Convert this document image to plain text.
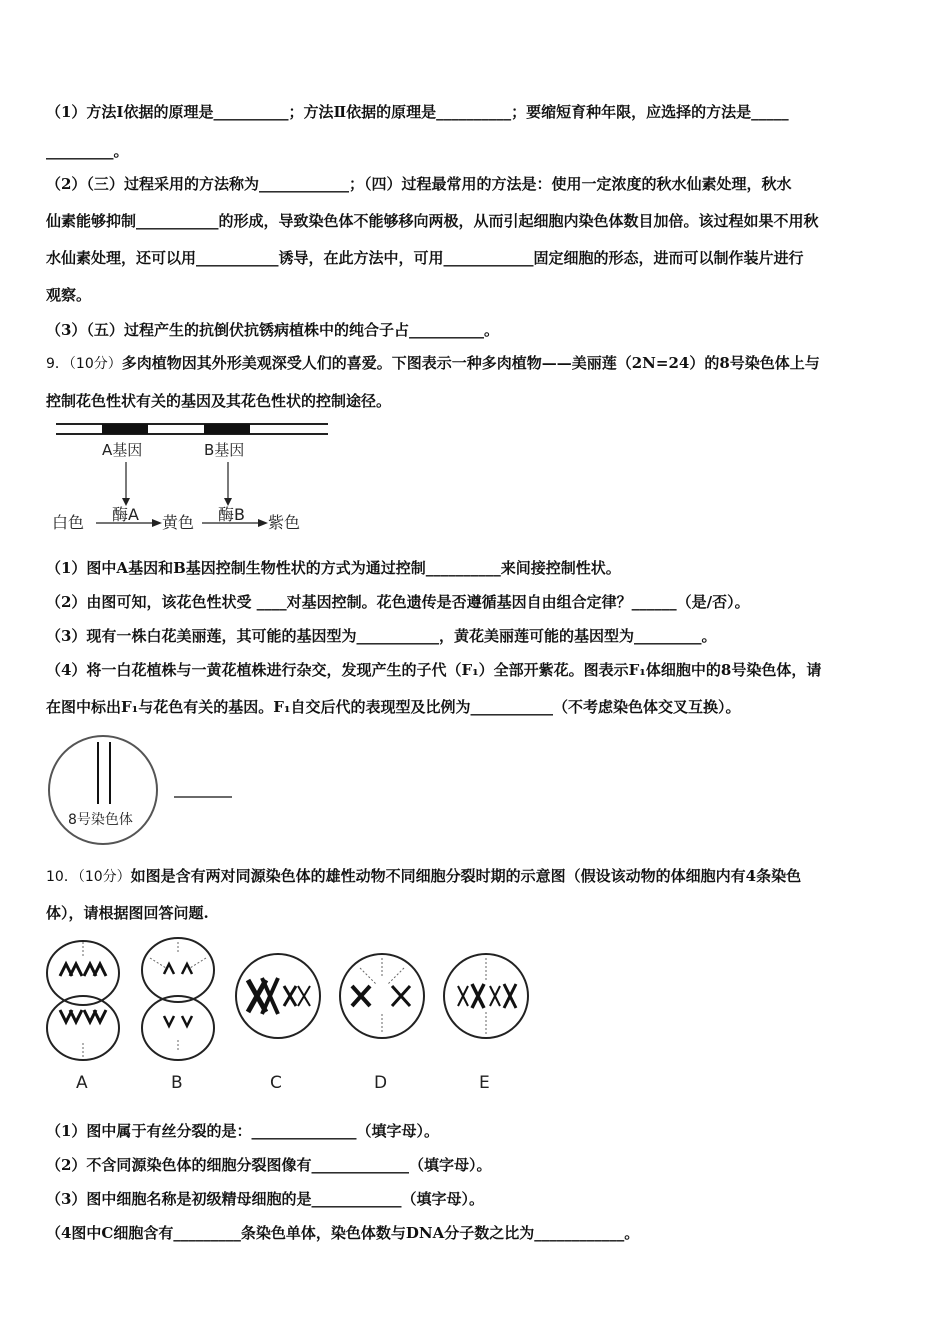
（1）方法Ⅰ依据的原理是__________；方法Ⅱ依据的原理是__________；要缩短育种年限，应选择的方法是_____
_________。
（2）（三）过程采用的方法称为____________；（四）过程最常用的方法是：使用一定浓度的秋水仙素处理，秋水
仙素能够抑制___________的形成，导致染色体不能够移向两极，从而引起细胞内染色体数目加倍。该过程如果不用秋
水仙素处理，还可以用___________诱导，在此方法中，可用____________固定细胞的形态，进而可以制作装片进行
观察。
（3）（五）过程产生的抗倒伏抗锈病植株中的纯合子占__________。
9．（10分）多肉植物因其外形美观深受人们的喜爱。下图表示一种多肉植物——美丽莲（2N=24）的8号染色体上与
控制花色性状有关的基因及其花色性状的控制途径。
A基因	B基因
白色 酶A 黄色 酶B 紫色
（1）图中A基因和B基因控制生物性状的方式为通过控制__________来间接控制性状。
（2）由图可知，该花色性状受 ____对基因控制。花色遗传是否遵循基因自由组合定律？______（是/否）。
（3）现有一株白花美丽莲，其可能的基因型为___________，黄花美丽莲可能的基因型为_________。
（4）将一白花植株与一黄花植株进行杂交，发现产生的子代（F₁）全部开紫花。图表示F₁体细胞中的8号染色体，请
在图中标出F₁与花色有关的基因。F₁自交后代的表现型及比例为___________（不考虑染色体交叉互换）。
8号染色体
10．（10分）如图是含有两对同源染色体的雄性动物不同细胞分裂时期的示意图（假设该动物的体细胞内有4条染色
体），请根据图回答问题.
A	B	C	D	E
（1）图中属于有丝分裂的是：______________（填字母）。
（2）不含同源染色体的细胞分裂图像有_____________（填字母）。
（3）图中细胞名称是初级精母细胞的是____________（填字母）。
（4图中C细胞含有_________条染色单体，染色体数与DNA分子数之比为____________。
